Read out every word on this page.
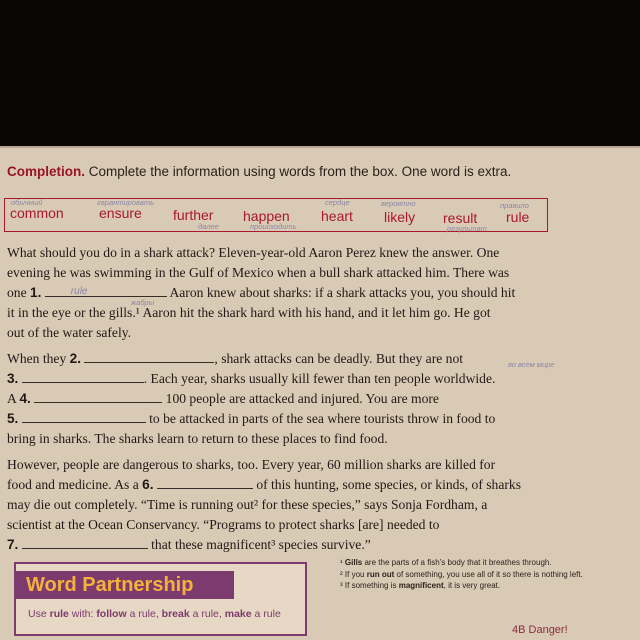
Completion. Complete the information using words from the box. One word is extra.
обычный
common
гарантировать
ensure further
далее
happen
происходить
сердце
heart
вероятно
likely result
результат
правило
rule
What should you do in a shark attack? Eleven-year-old Aaron Perez knew the answer. One
evening he was swimming in the Gulf of Mexico when a bull shark attacked him. There was
one 1.	rule	Aaron knew about sharks: if a shark attacks you, you should hit
жабры
it in the eye or the gills.¹ Aaron hit the shark hard with his hand, and it let him go. He got
out of the water safely.
When they 2.	, shark attacks can be deadly. But they are not	во всем мире
3.	. Each year, sharks usually kill fewer than ten people worldwide.
A 4.	100 people are attacked and injured. You are more
5.	to be attacked in parts of the sea where tourists throw in food to
bring in sharks. The sharks learn to return to these places to find food.
However, people are dangerous to sharks, too. Every year, 60 million sharks are killed for
food and medicine. As a 6.	of this hunting, some species, or kinds, of sharks
may die out completely. “Time is running out² for these species,” says Sonja Fordham, a
scientist at the Ocean Conservancy. “Programs to protect sharks [are] needed to
7.	that these magnificent³ species survive.”
¹ Gills are the parts of a fish’s body that it breathes through.
² If you run out of something, you use all of it so there is nothing left.
³ If something is magnificent, it is very great.
Word Partnership
Use rule with: follow a rule, break a rule, make a rule
4B Danger!
